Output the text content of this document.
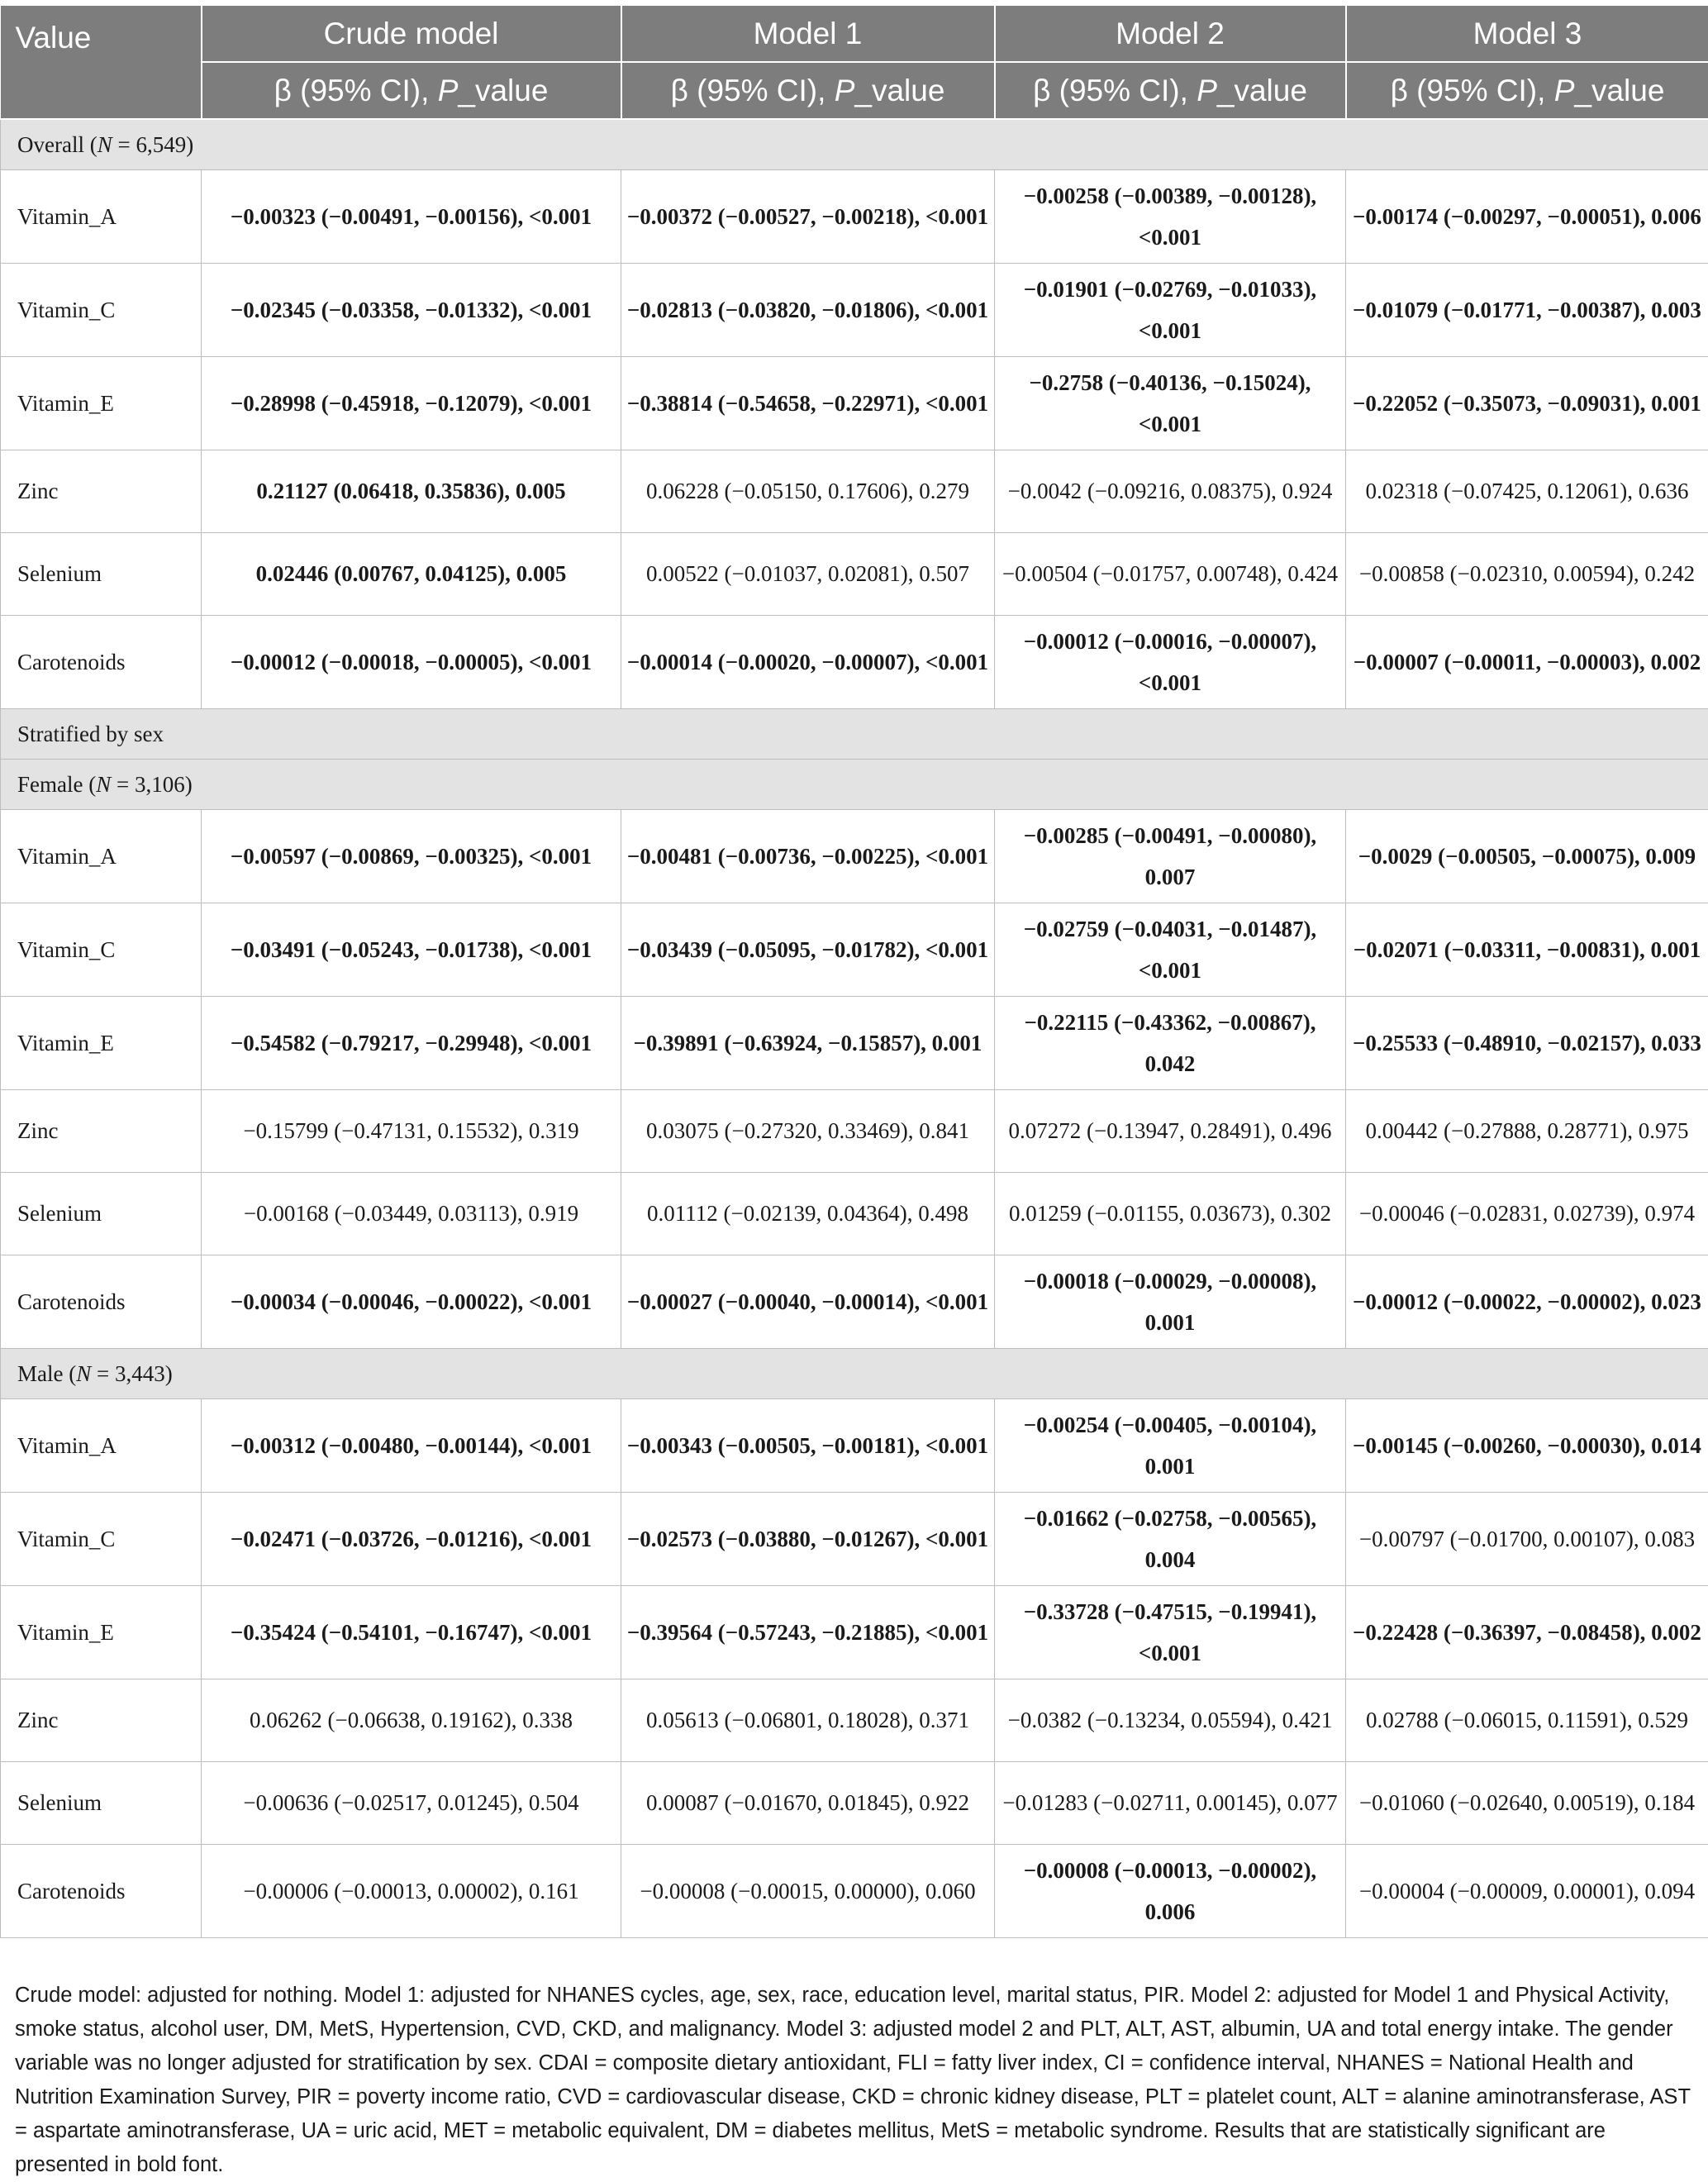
Value	Crude model	Model 1	Model 2	Model 3
	β (95% CI), P_value	β (95% CI), P_value	β (95% CI), P_value	β (95% CI), P_value
Overall (N = 6,549)				
Vitamin_A	−0.00323 (−0.00491, −0.00156), <0.001	−0.00372 (−0.00527, −0.00218), <0.001	−0.00258 (−0.00389, −0.00128), <0.001	−0.00174 (−0.00297, −0.00051), 0.006
Vitamin_C	−0.02345 (−0.03358, −0.01332), <0.001	−0.02813 (−0.03820, −0.01806), <0.001	−0.01901 (−0.02769, −0.01033), <0.001	−0.01079 (−0.01771, −0.00387), 0.003
Vitamin_E	−0.28998 (−0.45918, −0.12079), <0.001	−0.38814 (−0.54658, −0.22971), <0.001	−0.2758 (−0.40136, −0.15024), <0.001	−0.22052 (−0.35073, −0.09031), 0.001
Zinc	0.21127 (0.06418, 0.35836), 0.005	0.06228 (−0.05150, 0.17606), 0.279	−0.0042 (−0.09216, 0.08375), 0.924	0.02318 (−0.07425, 0.12061), 0.636
Selenium	0.02446 (0.00767, 0.04125), 0.005	0.00522 (−0.01037, 0.02081), 0.507	−0.00504 (−0.01757, 0.00748), 0.424	−0.00858 (−0.02310, 0.00594), 0.242
Carotenoids	−0.00012 (−0.00018, −0.00005), <0.001	−0.00014 (−0.00020, −0.00007), <0.001	−0.00012 (−0.00016, −0.00007), <0.001	−0.00007 (−0.00011, −0.00003), 0.002
Stratified by sex				
Female (N = 3,106)				
Vitamin_A	−0.00597 (−0.00869, −0.00325), <0.001	−0.00481 (−0.00736, −0.00225), <0.001	−0.00285 (−0.00491, −0.00080), 0.007	−0.0029 (−0.00505, −0.00075), 0.009
Vitamin_C	−0.03491 (−0.05243, −0.01738), <0.001	−0.03439 (−0.05095, −0.01782), <0.001	−0.02759 (−0.04031, −0.01487), <0.001	−0.02071 (−0.03311, −0.00831), 0.001
Vitamin_E	−0.54582 (−0.79217, −0.29948), <0.001	−0.39891 (−0.63924, −0.15857), 0.001	−0.22115 (−0.43362, −0.00867), 0.042	−0.25533 (−0.48910, −0.02157), 0.033
Zinc	−0.15799 (−0.47131, 0.15532), 0.319	0.03075 (−0.27320, 0.33469), 0.841	0.07272 (−0.13947, 0.28491), 0.496	0.00442 (−0.27888, 0.28771), 0.975
Selenium	−0.00168 (−0.03449, 0.03113), 0.919	0.01112 (−0.02139, 0.04364), 0.498	0.01259 (−0.01155, 0.03673), 0.302	−0.00046 (−0.02831, 0.02739), 0.974
Carotenoids	−0.00034 (−0.00046, −0.00022), <0.001	−0.00027 (−0.00040, −0.00014), <0.001	−0.00018 (−0.00029, −0.00008), 0.001	−0.00012 (−0.00022, −0.00002), 0.023
Male (N = 3,443)				
Vitamin_A	−0.00312 (−0.00480, −0.00144), <0.001	−0.00343 (−0.00505, −0.00181), <0.001	−0.00254 (−0.00405, −0.00104), 0.001	−0.00145 (−0.00260, −0.00030), 0.014
Vitamin_C	−0.02471 (−0.03726, −0.01216), <0.001	−0.02573 (−0.03880, −0.01267), <0.001	−0.01662 (−0.02758, −0.00565), 0.004	−0.00797 (−0.01700, 0.00107), 0.083
Vitamin_E	−0.35424 (−0.54101, −0.16747), <0.001	−0.39564 (−0.57243, −0.21885), <0.001	−0.33728 (−0.47515, −0.19941), <0.001	−0.22428 (−0.36397, −0.08458), 0.002
Zinc	0.06262 (−0.06638, 0.19162), 0.338	0.05613 (−0.06801, 0.18028), 0.371	−0.0382 (−0.13234, 0.05594), 0.421	0.02788 (−0.06015, 0.11591), 0.529
Selenium	−0.00636 (−0.02517, 0.01245), 0.504	0.00087 (−0.01670, 0.01845), 0.922	−0.01283 (−0.02711, 0.00145), 0.077	−0.01060 (−0.02640, 0.00519), 0.184
Carotenoids	−0.00006 (−0.00013, 0.00002), 0.161	−0.00008 (−0.00015, 0.00000), 0.060	−0.00008 (−0.00013, −0.00002), 0.006	−0.00004 (−0.00009, 0.00001), 0.094

Crude model: adjusted for nothing. Model 1: adjusted for NHANES cycles, age, sex, race, education level, marital status, PIR. Model 2: adjusted for Model 1 and Physical Activity, smoke status, alcohol user, DM, MetS, Hypertension, CVD, CKD, and malignancy. Model 3: adjusted model 2 and PLT, ALT, AST, albumin, UA and total energy intake. The gender variable was no longer adjusted for stratification by sex. CDAI = composite dietary antioxidant, FLI = fatty liver index, CI = confidence interval, NHANES = National Health and Nutrition Examination Survey, PIR = poverty income ratio, CVD = cardiovascular disease, CKD = chronic kidney disease, PLT = platelet count, ALT = alanine aminotransferase, AST = aspartate aminotransferase, UA = uric acid, MET = metabolic equivalent, DM = diabetes mellitus, MetS = metabolic syndrome. Results that are statistically significant are presented in bold font.
